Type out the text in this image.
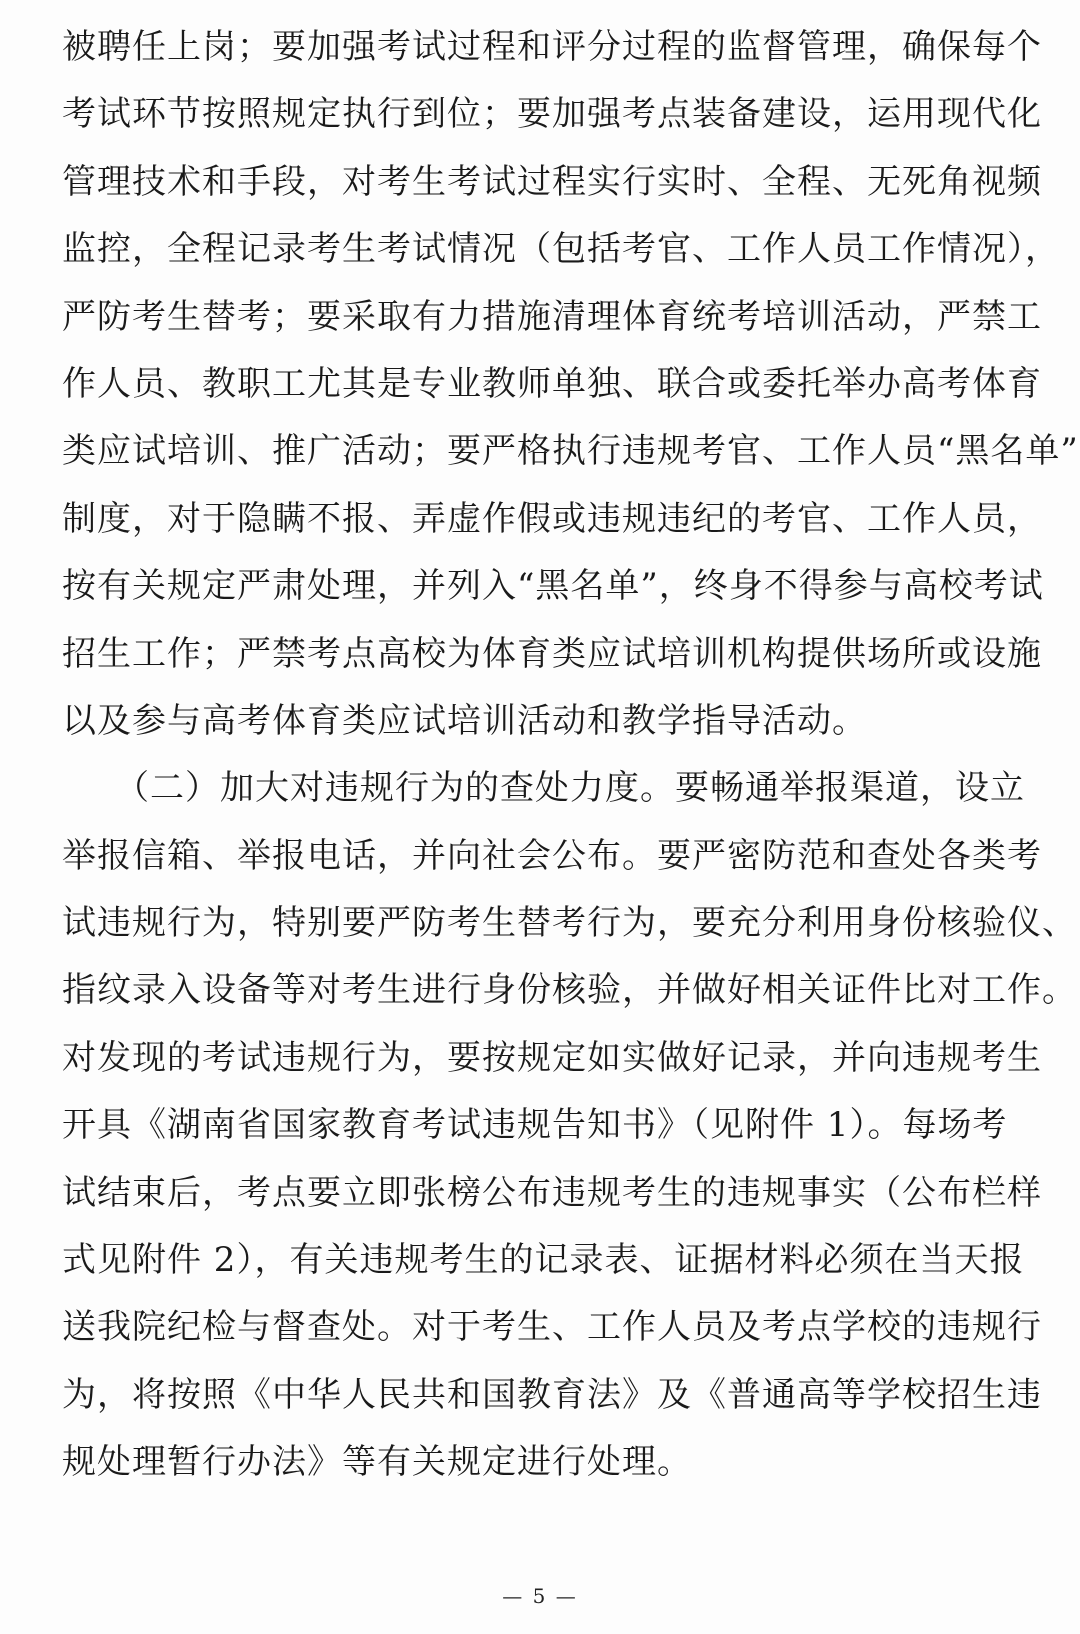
被聘任上岗；要加强考试过程和评分过程的监督管理，确保每个
考试环节按照规定执行到位；要加强考点装备建设，运用现代化
管理技术和手段，对考生考试过程实行实时、全程、无死角视频
监控，全程记录考生考试情况（包括考官、工作人员工作情况），
严防考生替考；要采取有力措施清理体育统考培训活动，严禁工
作人员、教职工尤其是专业教师单独、联合或委托举办高考体育
类应试培训、推广活动；要严格执行违规考官、工作人员“黑名单”
制度，对于隐瞒不报、弄虚作假或违规违纪的考官、工作人员，
按有关规定严肃处理，并列入“黑名单”，终身不得参与高校考试
招生工作；严禁考点高校为体育类应试培训机构提供场所或设施
以及参与高考体育类应试培训活动和教学指导活动。
　　（二）加大对违规行为的查处力度。要畅通举报渠道，设立
举报信箱、举报电话，并向社会公布。要严密防范和查处各类考
试违规行为，特别要严防考生替考行为，要充分利用身份核验仪、
指纹录入设备等对考生进行身份核验，并做好相关证件比对工作。
对发现的考试违规行为，要按规定如实做好记录，并向违规考生
开具《湖南省国家教育考试违规告知书》（见附件 1）。每场考
试结束后，考点要立即张榜公布违规考生的违规事实（公布栏样
式见附件 2），有关违规考生的记录表、证据材料必须在当天报
送我院纪检与督查处。对于考生、工作人员及考点学校的违规行
为，将按照《中华人民共和国教育法》及《普通高等学校招生违
规处理暂行办法》等有关规定进行处理。
— 5 —
